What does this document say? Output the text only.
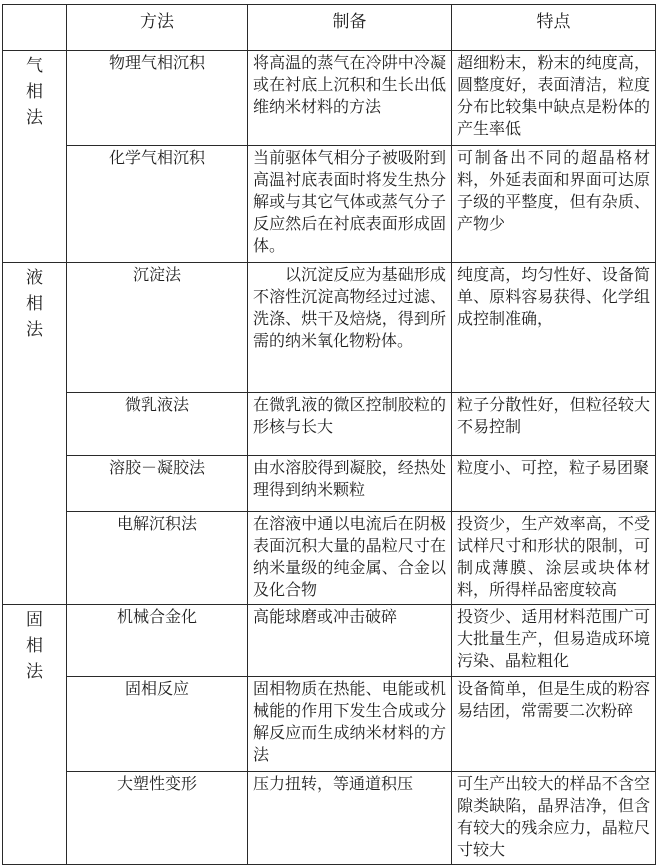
	方法	制备	特点

气相法	物理气相沉积	将高温的蒸气在冷阱中冷凝或在衬底上沉积和生长出低维纳米材料的方法	超细粉末，粉末的纯度高，圆整度好，表面清洁，粒度分布比较集中缺点是粉体的产生率低
	化学气相沉积	当前驱体气相分子被吸附到高温衬底表面时将发生热分解或与其它气体或蒸气分子反应然后在衬底表面形成固体。	可制备出不同的超晶格材料，外延表面和界面可达原子级的平整度，但有杂质、产物少

液相法	沉淀法	以沉淀反应为基础形成不溶性沉淀高物经过过滤、洗涤、烘干及焙烧，得到所需的纳米氧化物粉体。	纯度高，均匀性好、设备简单、原料容易获得、化学组成控制准确，
	微乳液法	在微乳液的微区控制胶粒的形核与长大	粒子分散性好，但粒径较大不易控制
	溶胶－凝胶法	由水溶胶得到凝胶，经热处理得到纳米颗粒	粒度小、可控，粒子易团聚
	电解沉积法	在溶液中通以电流后在阴极表面沉积大量的晶粒尺寸在纳米量级的纯金属、合金以及化合物	投资少，生产效率高，不受试样尺寸和形状的限制，可制成薄膜、涂层或块体材料，所得样品密度较高

固相法	机械合金化	高能球磨或冲击破碎	投资少、适用材料范围广可大批量生产，但易造成环境污染、晶粒粗化
	固相反应	固相物质在热能、电能或机械能的作用下发生合成或分解反应而生成纳米材料的方法	设备简单，但是生成的粉容易结团，常需要二次粉碎
	大塑性变形	压力扭转，等通道积压	可生产出较大的样品不含空隙类缺陷，晶界洁净，但含有较大的残余应力，晶粒尺寸较大
